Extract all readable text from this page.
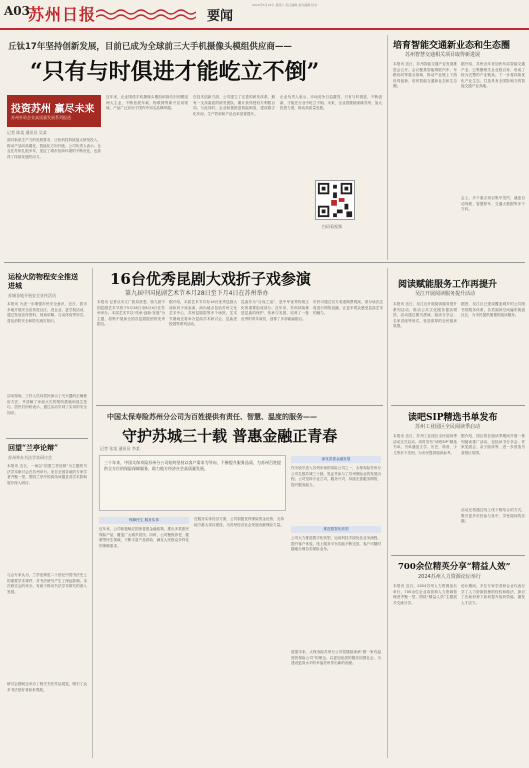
A03
苏州日报	要闻
2024年5月18日 星期六 责任编辑 美术编辑 校对
丘钛17年坚持创新发展，目前已成为全球前三大手机摄像头模组供应商——
“只有与时俱进才能屹立不倒”
投资苏州 赢尽未来
苏州外资企业高质量发展系列报道
记者 陈某 通讯员 吴某
面对新质生产力的发展要求，丘钛科技持续加大研发投入，推动产品向高端化、智能化方向升级。公司负责人表示，企业在苏州扎根多年，见证了城市营商环境的不断优化，也获得了持续发展的动力。
近年来，企业围绕手机摄像头模组和指纹识别模组两大主业，不断拓展车载、物联网等新兴应用领域，产品广泛应用于国内外知名品牌终端。
在技术创新方面，公司建立了完善的研发体系，拥有一支高素质的研发团队，累计获得授权专利数百项。与此同时，企业积极推进智能制造，建设数字化车间，生产效率和产品良率显著提升。
企业负责人表示，市场竞争日趋激烈，只有与时俱进、不断创新，才能在行业中屹立不倒。未来，企业将继续深耕苏州，加大投资力度，推动高质量发展。
扫码看视频
培育智能交通新业态和生态圈
苏州智慧交通相关项目取得新进展
本报讯 近日，苏州智能交通产业发展推进会召开。会议聚焦智能网联汽车、车路协同等重点领域，推动产业链上下游协同创新，培育智能交通新业态和生态圈。
据介绍，苏州近年来加快布局智能交通产业，已集聚相关企业数百家，形成了较为完整的产业链条。下一步将持续优化产业生态，打造具有全国影响力的智能交通产业高地。
会上，多个重点项目集中签约，涵盖自动驾驶、智慧停车、交通大数据等多个方向。
运检火防物程安全推送进城
苏城各地开展安全宣传活动
本报讯 为进一步增强市民安全意识，近日，我市多地开展安全宣传进社区、进企业、进学校活动，通过发放宣传资料、现场讲解、互动体验等形式，普及消防安全和防灾减灾知识。
活动现场，工作人员向居民演示了灭火器的正确使用方法，并讲解了家庭火灾的预防措施和逃生技巧。居民们纷纷表示，通过活动学到了实用的安全知识。
16台优秀昆剧大戏折子戏参演
第九届中国昆剧艺术节本月28日至下月4日在苏州举办
本报讯 记者从市文广旅局获悉，第九届中国昆剧艺术节将于5月28日至6月4日在苏州举办。本届艺术节以“传承·创新·发展”为主题，将集中展演全国各昆剧院团的优秀剧目。
据介绍，本届艺术节共有16台优秀昆剧大戏和折子戏参演，演出地点包括苏州文化艺术中心、苏州昆剧院等多个场馆。艺术节期间还将举办昆曲学术研讨会、昆曲进校园等系列活动。
昆曲作为“百戏之祖”，是中华优秀传统文化的重要组成部分。近年来，苏州持续推进昆曲的保护、传承与发展，培养了一批优秀的青年演员，创排了多部新编剧目。
市民可通过官方渠道购票观演，部分场次还将进行网络直播，让更多观众感受昆曲艺术的魅力。
阅读赋能服务工作再提升
吴江开展阅读服务提升活动
本报讯 近日，吴江区开展阅读服务提升系列活动，推动公共文化服务提质增效。活动通过图书漂流、阅读分享会、名家讲座等形式，营造浓厚的全民阅读氛围。
据悉，吴江区已建成覆盖城乡的公共图书馆服务体系，各类阅读空间遍布街道社区，为市民提供便捷的阅读服务。
回望“兰亭论辩”
苏州举办书法学术研讨会
本报讯 近日，一场以“回望兰亭论辩”为主题的书法学术研讨会在苏州举行。来自全国各地的专家学者齐聚一堂，围绕兰亭序的真伪问题及其学术影响展开深入研讨。
与会专家认为，兰亭论辩是二十世纪中国书法史上的重要学术事件，对书法研究产生了深远影响。本次研讨会的举办，有助于推动书法学术研究的深入发展。
研讨会期间还举办了相关书法作品展览，吸引了众多书法爱好者前来观展。
中国太保寿险苏州分公司为百姓提供有责任、智慧、温度的服务——
守护苏城三十载 普惠金融正青春
记者 张某 通讯员 李某
三十年来，中国太保寿险苏州分公司始终坚持以客户需求为导向，不断提升服务品质，为苏州百姓提供全方位的保险保障服务，助力地方经济社会高质量发展。
深化普惠金融发展
作为较早进入苏州市场的寿险公司之一，太保寿险苏州分公司扎根苏城三十载，见证并参与了苏州保险业的发展历程。公司坚持专业立司、服务兴司，持续完善服务网络，提升服务能力。
保障民生 服务实体
近年来，公司积极响应国家普惠金融政策，推出多款惠民保险产品，覆盖广大城乡居民。同时，公司聚焦养老、健康等民生领域，不断丰富产品供给，满足人民群众多样化的保障需求。
在服务实体经济方面，公司积极发挥保险资金优势，支持地方重大项目建设，为苏州经济社会发展贡献保险力量。
推进数智化转型
公司大力推进数字化转型，运用科技手段优化业务流程，提升客户体验。线上服务平台功能不断完善，客户可随时随地办理各类保险业务。
展望未来，太保寿险苏州分公司将继续秉承“做一家有温度的保险公司”的理念，以更加优质的服务回馈社会，为建设更高水平的幸福苏州作出新的贡献。
读吧SIP精选书单发布
苏州工业园区全民阅读季启动
本报讯 近日，苏州工业园区全民阅读季活动正式启动，同时发布“读吧SIP”精选书单。书单涵盖文学、历史、科普、少儿等多个类别，为市民提供阅读参考。
据介绍，园区将在阅读季期间开展一系列阅读推广活动，包括读书分享会、作家见面会、亲子阅读等，进一步营造书香园区氛围。
活动还将通过线上线下相结合的方式，吸引更多市民参与其中，享受阅读的乐趣。
700余位精英分享“精益人效”
2024苏州人力资源论坛举行
本报讯 近日，2024苏州人力资源论坛举行，700余位企业高管和人力资源管理者齐聚一堂，围绕“精益人效”主题展开交流分享。
论坛期间，多位专家学者和企业代表分享了人力资源管理的经验和做法，探讨了在新形势下如何提升组织效能、激发人才活力。
